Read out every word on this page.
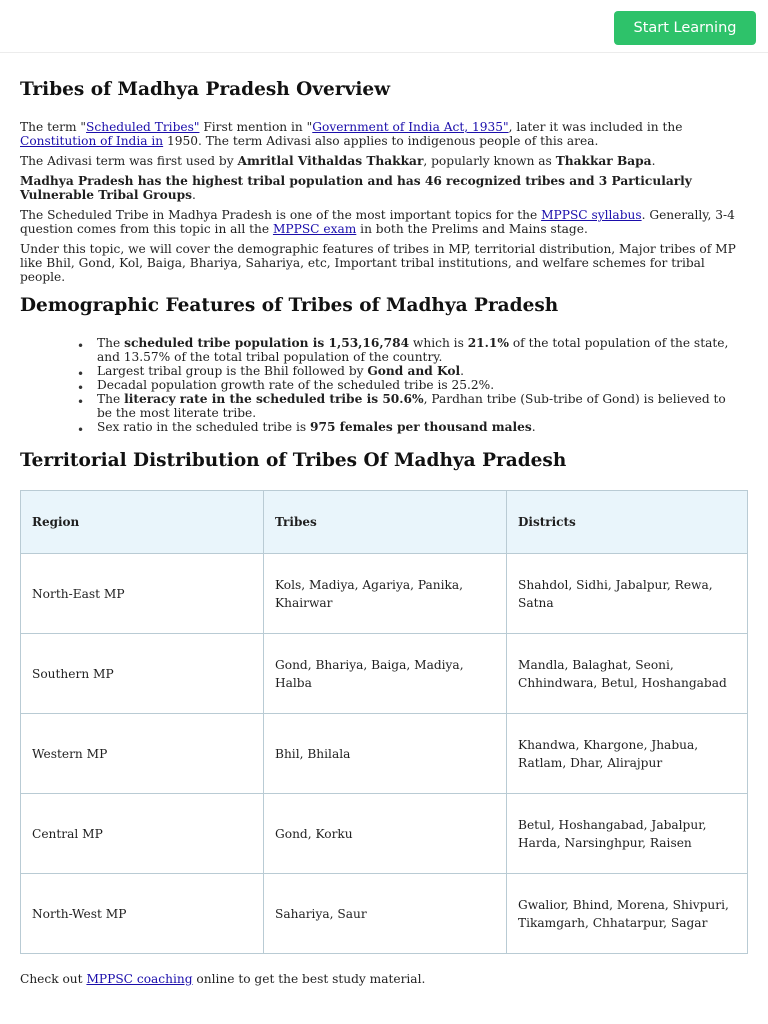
Start Learning
Tribes of Madhya Pradesh Overview

The term "Scheduled Tribes" First mention in "Government of India Act, 1935", later it was included in the Constitution of India in 1950. The term Adivasi also applies to indigenous people of this area.

The Adivasi term was first used by Amritlal Vithaldas Thakkar, popularly known as Thakkar Bapa.

Madhya Pradesh has the highest tribal population and has 46 recognized tribes and 3 Particularly Vulnerable Tribal Groups.

The Scheduled Tribe in Madhya Pradesh is one of the most important topics for the MPPSC syllabus. Generally, 3-4 question comes from this topic in all the MPPSC exam in both the Prelims and Mains stage.

Under this topic, we will cover the demographic features of tribes in MP, territorial distribution, Major tribes of MP like Bhil, Gond, Kol, Baiga, Bhariya, Sahariya, etc, Important tribal institutions, and welfare schemes for tribal people.

Demographic Features of Tribes of Madhya Pradesh
• The scheduled tribe population is 1,53,16,784 which is 21.1% of the total population of the state, and 13.57% of the total tribal population of the country.
• Largest tribal group is the Bhil followed by Gond and Kol.
• Decadal population growth rate of the scheduled tribe is 25.2%.
• The literacy rate in the scheduled tribe is 50.6%, Pardhan tribe (Sub-tribe of Gond) is believed to be the most literate tribe.
• Sex ratio in the scheduled tribe is 975 females per thousand males.
Territorial Distribution of Tribes Of Madhya Pradesh
Region	Tribes	Districts
North-East MP	Kols, Madiya, Agariya, Panika, Khairwar	Shahdol, Sidhi, Jabalpur, Rewa, Satna
Southern MP	Gond, Bhariya, Baiga, Madiya, Halba	Mandla, Balaghat, Seoni, Chhindwara, Betul, Hoshangabad
Western MP	Bhil, Bhilala	Khandwa, Khargone, Jhabua, Ratlam, Dhar, Alirajpur
Central MP	Gond, Korku	Betul, Hoshangabad, Jabalpur, Harda, Narsinghpur, Raisen
North-West MP	Sahariya, Saur	Gwalior, Bhind, Morena, Shivpuri, Tikamgarh, Chhatarpur, Sagar

Check out MPPSC coaching online to get the best study material.
